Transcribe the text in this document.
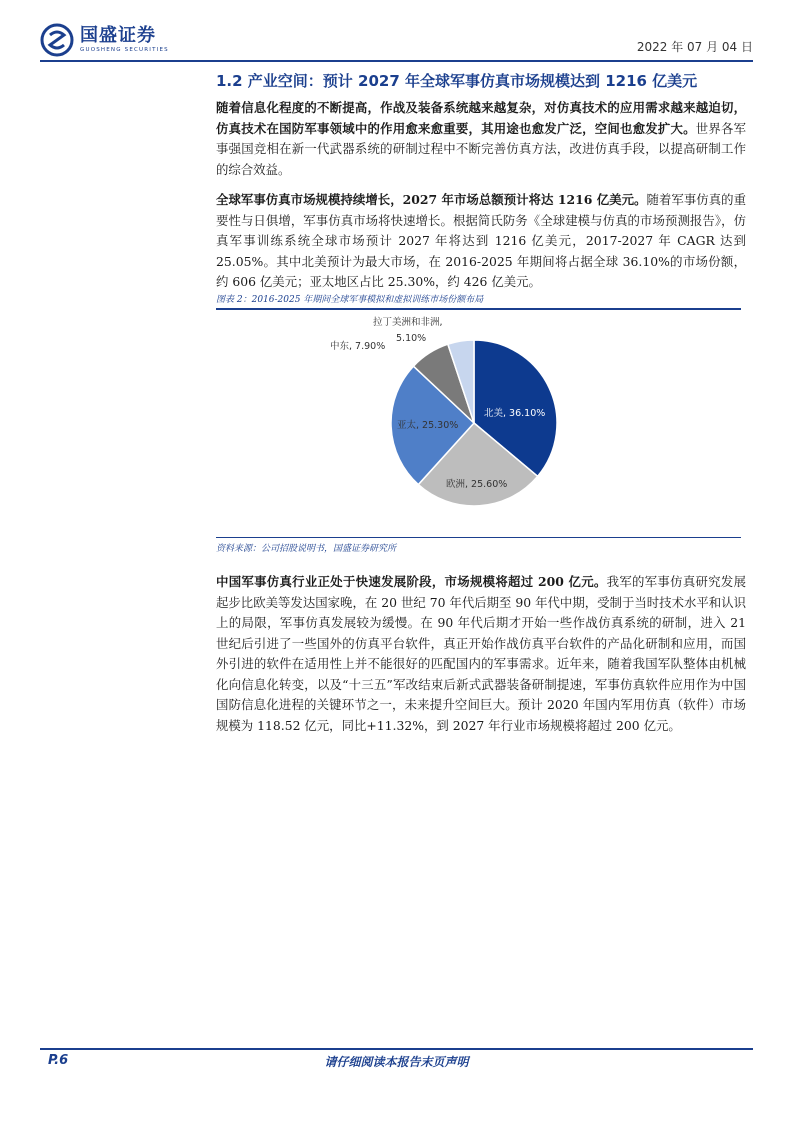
国盛证券
GUOSHENG SECURITIES	2022 年 07 月 04 日
1.2 产业空间：预计 2027 年全球军事仿真市场规模达到 1216 亿美元

随着信息化程度的不断提高，作战及装备系统越来越复杂，对仿真技术的应用需求越来越迫切，仿真技术在国防军事领域中的作用愈来愈重要，其用途也愈发广泛，空间也愈发扩大。世界各军事强国竞相在新一代武器系统的研制过程中不断完善仿真方法，改进仿真手段，以提高研制工作的综合效益。

全球军事仿真市场规模持续增长，2027 年市场总额预计将达 1216 亿美元。随着军事仿真的重要性与日俱增，军事仿真市场将快速增长。根据简氏防务《全球建模与仿真的市场预测报告》，仿真军事训练系统全球市场预计 2027 年将达到 1216 亿美元，2017-2027 年 CAGR 达到 25.05%。其中北美预计为最大市场，在 2016-2025 年期间将占据全球 36.10%的市场份额，约 606 亿美元；亚太地区占比 25.30%，约 426 亿美元。

图表 2：2016-2025 年期间全球军事模拟和虚拟训练市场份额布局
北美, 36.10%
欧洲, 25.60%
亚太, 25.30%
中东, 7.90%
拉丁美洲和非洲,
5.10%
资料来源：公司招股说明书，国盛证券研究所

中国军事仿真行业正处于快速发展阶段，市场规模将超过 200 亿元。我军的军事仿真研究发展起步比欧美等发达国家晚，在 20 世纪 70 年代后期至 90 年代中期，受制于当时技术水平和认识上的局限，军事仿真发展较为缓慢。在 90 年代后期才开始一些作战仿真系统的研制，进入 21 世纪后引进了一些国外的仿真平台软件，真正开始作战仿真平台软件的产品化研制和应用，而国外引进的软件在适用性上并不能很好的匹配国内的军事需求。近年来，随着我国军队整体由机械化向信息化转变，以及“十三五”军改结束后新式武器装备研制提速，军事仿真软件应用作为中国国防信息化进程的关键环节之一，未来提升空间巨大。预计 2020 年国内军用仿真（软件）市场规模为 118.52 亿元，同比+11.32%，到 2027 年行业市场规模将超过 200 亿元。

P.6	请仔细阅读本报告末页声明
